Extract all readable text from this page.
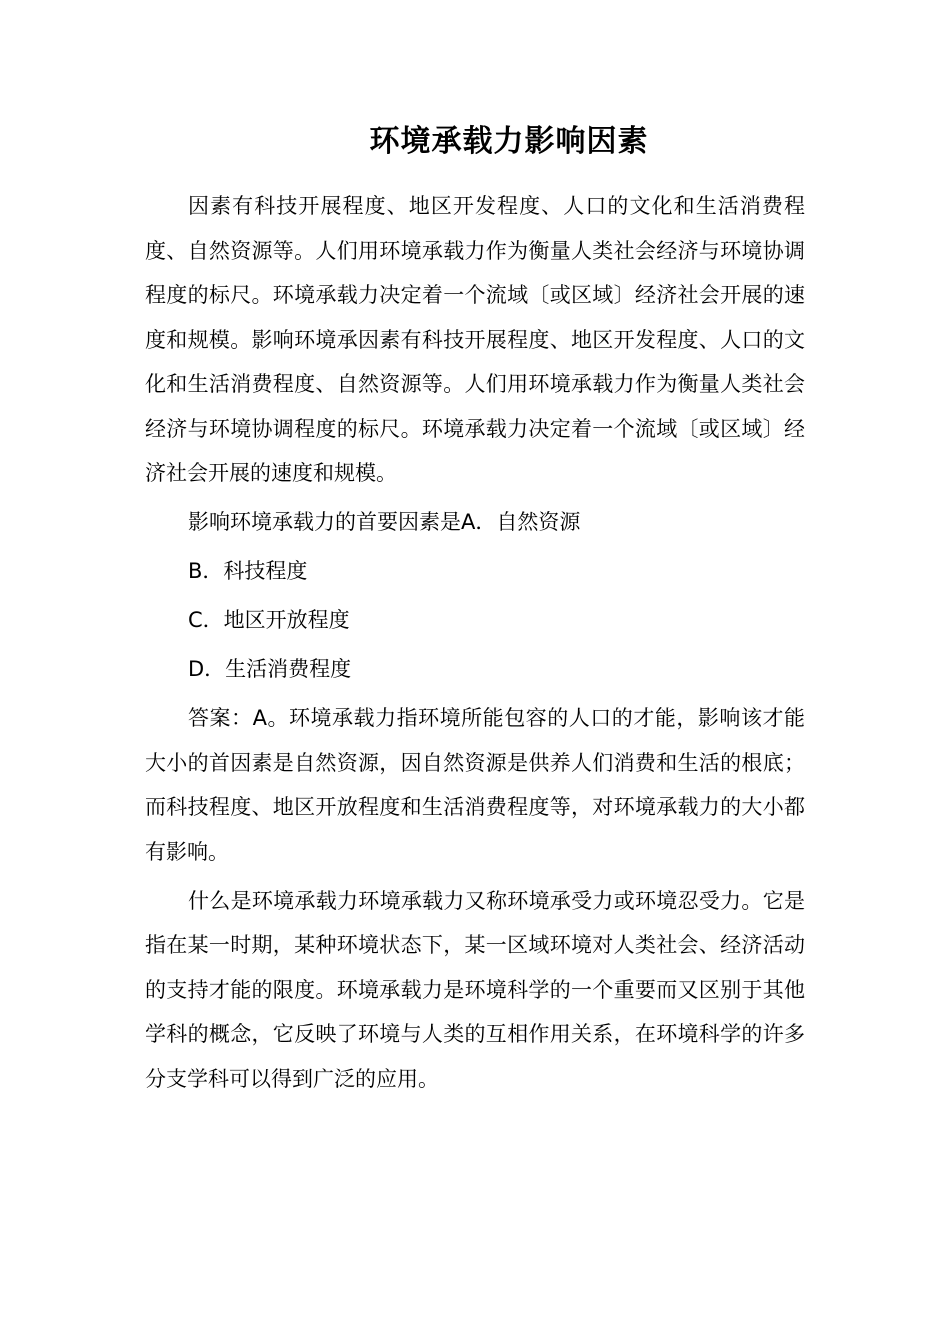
环境承载力影响因素

因素有科技开展程度、地区开发程度、人口的文化和生活消费程度、自然资源等。人们用环境承载力作为衡量人类社会经济与环境协调程度的标尺。环境承载力决定着一个流域〔或区域〕经济社会开展的速度和规模。影响环境承因素有科技开展程度、地区开发程度、人口的文化和生活消费程度、自然资源等。人们用环境承载力作为衡量人类社会经济与环境协调程度的标尺。环境承载力决定着一个流域〔或区域〕经济社会开展的速度和规模。

影响环境承载力的首要因素是A．自然资源

B．科技程度

C．地区开放程度

D．生活消费程度

答案：A。环境承载力指环境所能包容的人口的才能，影响该才能大小的首因素是自然资源，因自然资源是供养人们消费和生活的根底；而科技程度、地区开放程度和生活消费程度等，对环境承载力的大小都有影响。

什么是环境承载力环境承载力又称环境承受力或环境忍受力。它是指在某一时期，某种环境状态下，某一区域环境对人类社会、经济活动的支持才能的限度。环境承载力是环境科学的一个重要而又区别于其他学科的概念，它反映了环境与人类的互相作用关系，在环境科学的许多分支学科可以得到广泛的应用。
